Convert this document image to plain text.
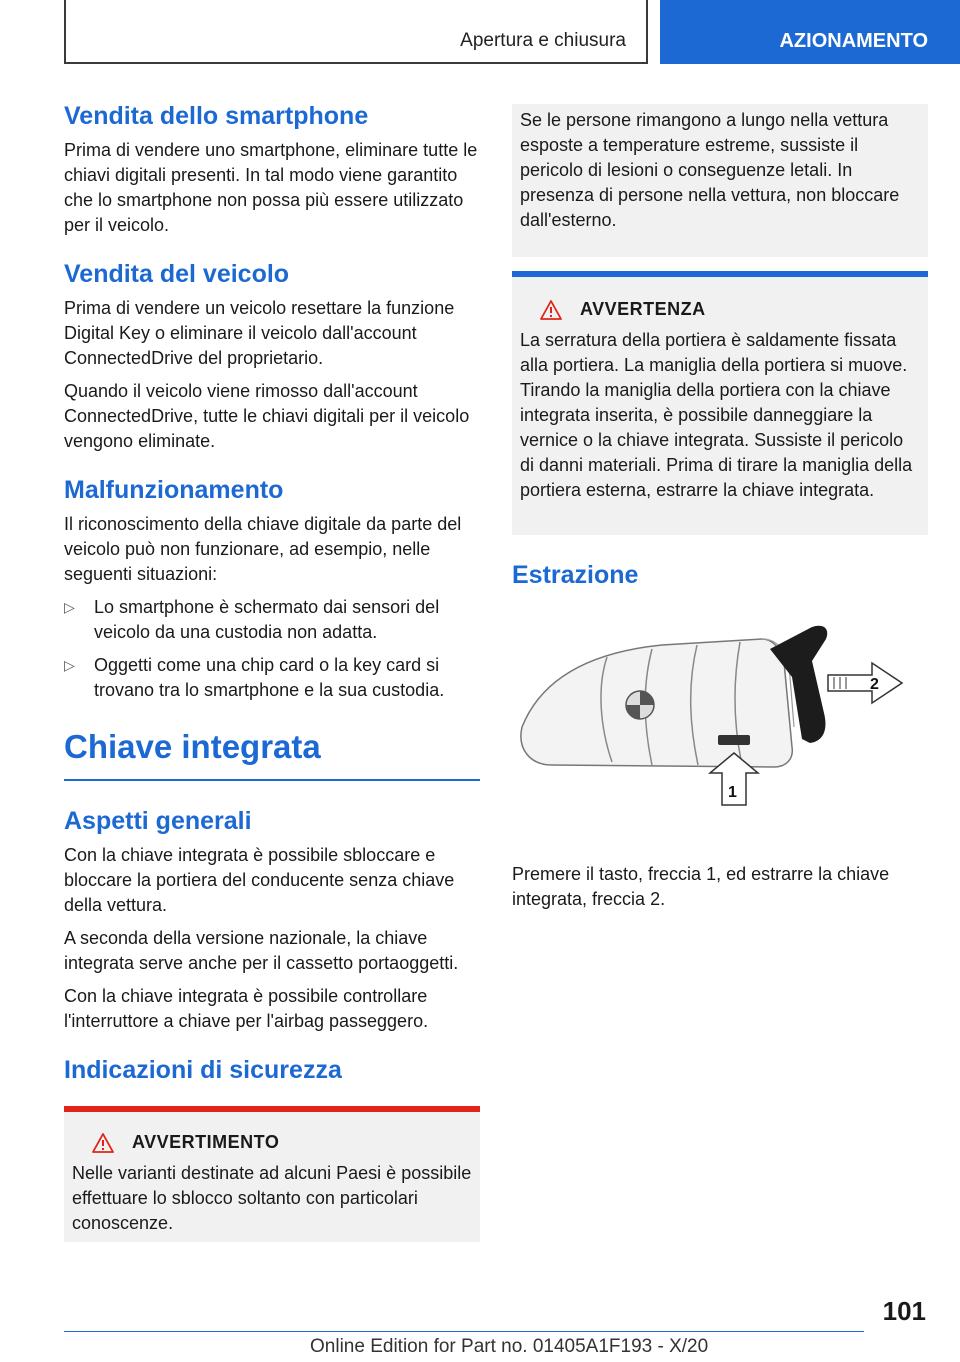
Apertura e chiusura	AZIONAMENTO
Vendita dello smartphone

Prima di vendere uno smartphone, eliminare tutte le chiavi digitali presenti. In tal modo viene garantito che lo smartphone non possa più essere utilizzato per il veicolo.

Vendita del veicolo

Prima di vendere un veicolo resettare la funzione Digital Key o eliminare il veicolo dall'account ConnectedDrive del proprietario.

Quando il veicolo viene rimosso dall'account ConnectedDrive, tutte le chiavi digitali per il veicolo vengono eliminate.

Malfunzionamento

Il riconoscimento della chiave digitale da parte del veicolo può non funzionare, ad esempio, nelle seguenti situazioni:

▷ Lo smartphone è schermato dai sensori del veicolo da una custodia non adatta.
▷ Oggetti come una chip card o la key card si trovano tra lo smartphone e la sua custodia.
Chiave integrata
Aspetti generali

Con la chiave integrata è possibile sbloccare e bloccare la portiera del conducente senza chiave della vettura.

A seconda della versione nazionale, la chiave integrata serve anche per il cassetto portaoggetti.

Con la chiave integrata è possibile controllare l'interruttore a chiave per l'airbag passeggero.

Indicazioni di sicurezza
AVVERTIMENTO

Nelle varianti destinate ad alcuni Paesi è possibile effettuare lo sblocco soltanto con particolari conoscenze.

Se le persone rimangono a lungo nella vettura esposte a temperature estreme, sussiste il pericolo di lesioni o conseguenze letali. In presenza di persone nella vettura, non bloccare dall'esterno.

AVVERTENZA

La serratura della portiera è saldamente fissata alla portiera. La maniglia della portiera si muove. Tirando la maniglia della portiera con la chiave integrata inserita, è possibile danneggiare la vernice o la chiave integrata. Sussiste il pericolo di danni materiali. Prima di tirare la maniglia della portiera esterna, estrarre la chiave integrata.

Estrazione
2
1

Premere il tasto, freccia 1, ed estrarre la chiave integrata, freccia 2.

101
Online Edition for Part no. 01405A1F193 - X/20
